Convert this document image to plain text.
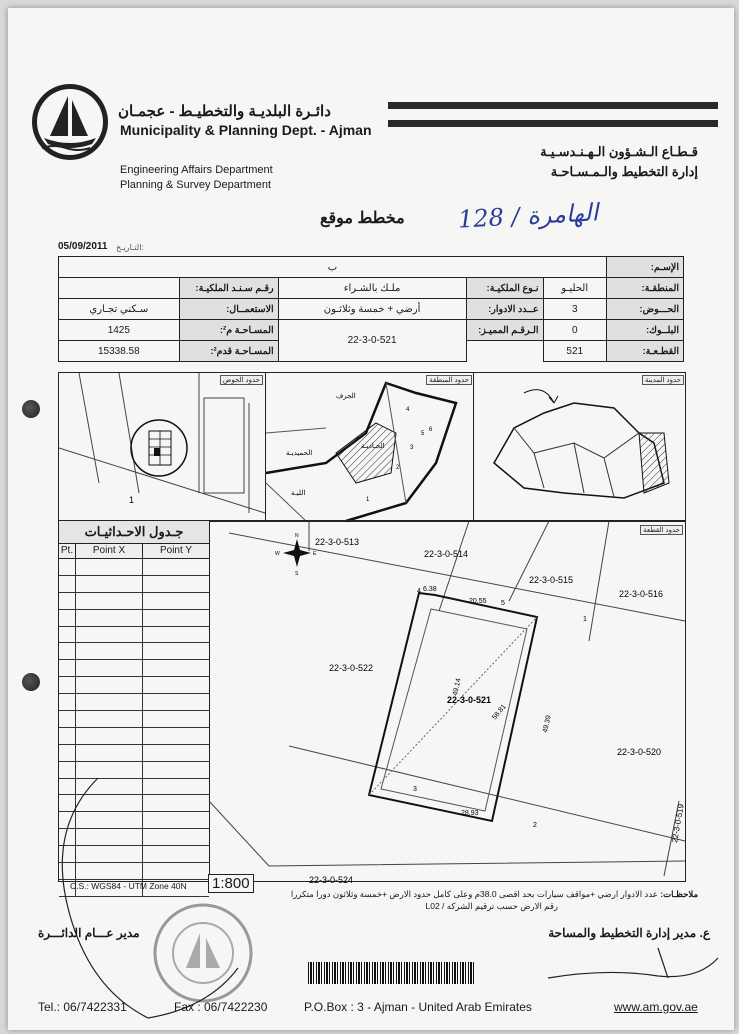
دائـرة البلديـة والتخطيـط - عجمـان
Municipality & Planning Dept. - Ajman
قـطـاع الـشـؤون الـهـنـدسـيـة
إدارة التخطيط والـمـسـاحـة
Engineering Affairs Department
Planning & Survey Department
مخطط موقع 128 / الهامرة
التـاريـخ:
05/09/2011
الإسـم:	ب				
المنطقـة:	الحليـو	نـوع الملكيـة:	ملـك بالشـراء	رقـم سـنـد الملكيـة:	
الحـــوض:	3	عــدد الادوار:	أرضي + خمسة وثلاثـون	الاستعمــال:	سـكني تجـاري
البلــوك:	0	الـرقـم المميـز:	22-3-0-521	المسـاحـة م²:	1425
القطـعـة:	521			المسـاحـة قدم²:	15338.58
حدود الحوض
1
حدود المنطقة
الجرف
الحميديـة
الجـاديـة
الليـة
4
3
2
1
6
5
حدود المدينة
جـدول الاحـداثيـات
Pt.	Point X	Point Y
22-3-0-513
22-3-0-514
22-3-0-515
22-3-0-516
22-3-0-522
22-3-0-520
22-3-0-524
22-3-0-521
6.38
20.55
28.93
4
5
1
2
3
58.81
49.14
49.39
22-3-0-519
N
S
E
W
حدود القطعة
C.S.: WGS84 - UTM Zone 40N 1:800
ملاحظـات: عدد الادوار ارضي +مواقف سيارات بحد اقصى 38.0م وعلى كامل حدود الارض +خمسة وثلاثون دورا متكررا
رقم الارض حسب ترقيم الشركه / L02
مدير عـــام الدائـــرة	ع. مدير إدارة التخطيط والمساحة
Tel.: 06/7422331	Fax : 06/7422230	P.O.Box : 3 - Ajman - United Arab Emirates	www.am.gov.ae
